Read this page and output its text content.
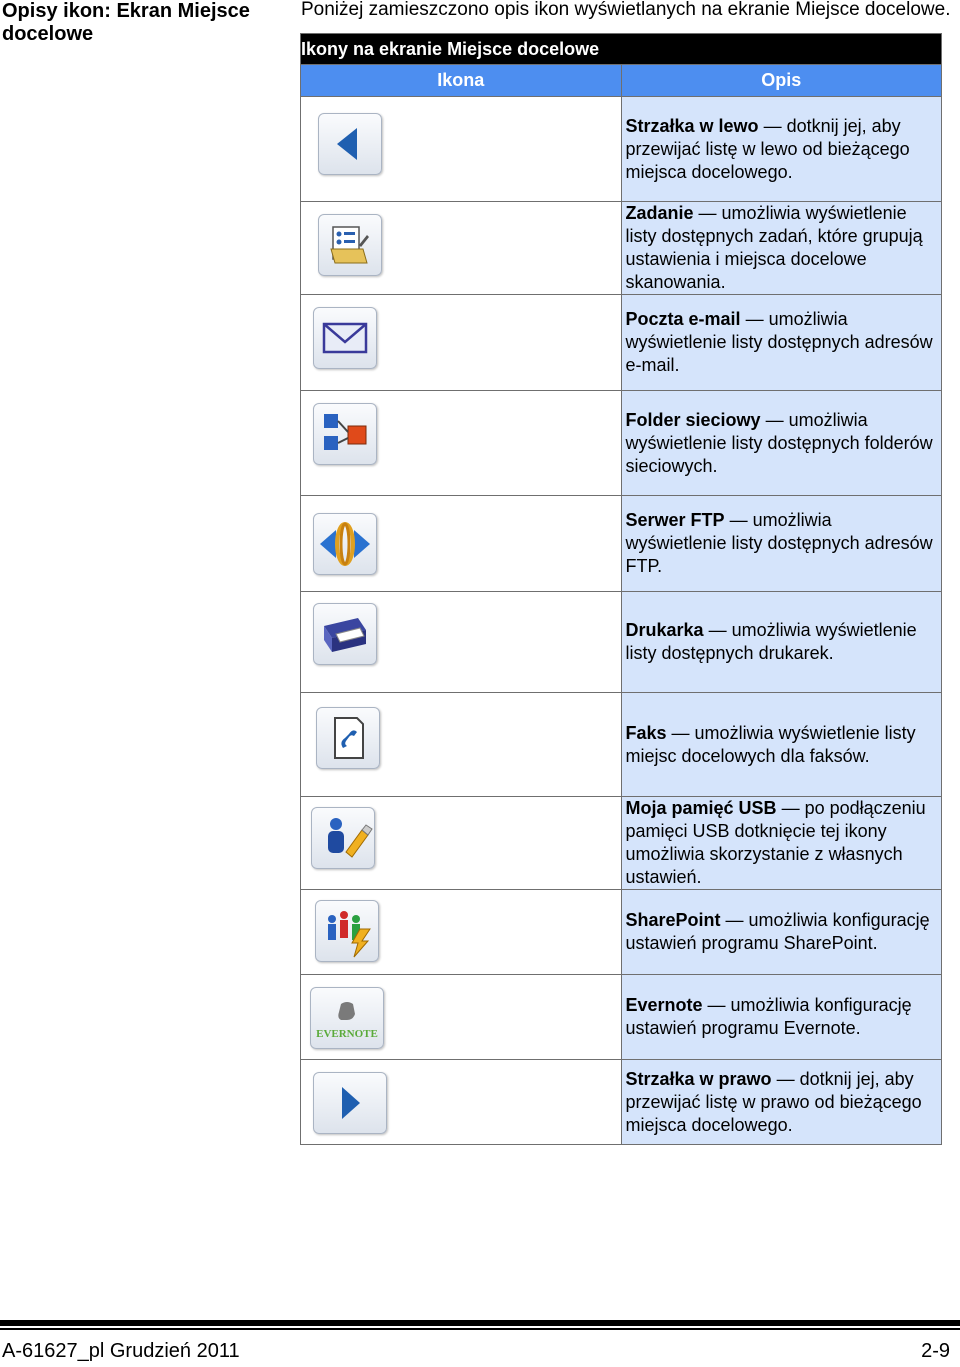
Opisy ikon: Ekran Miejsce docelowe
Poniżej zamieszczono opis ikon wyświetlanych na ekranie Miejsce docelowe.
Ikony na ekranie Miejsce docelowe	
Ikona	Opis

	Strzałka w lewo — dotknij jej, aby przewijać listę w lewo od bieżącego miejsca docelowego.

	Zadanie — umożliwia wyświetlenie listy dostępnych zadań, które grupują ustawienia i miejsca docelowe skanowania.

	Poczta e-mail — umożliwia wyświetlenie listy dostępnych adresów e-mail.

	Folder sieciowy — umożliwia wyświetlenie listy dostępnych folderów sieciowych.

	Serwer FTP — umożliwia wyświetlenie listy dostępnych adresów FTP.

	Drukarka — umożliwia wyświetlenie listy dostępnych drukarek.

	Faks — umożliwia wyświetlenie listy miejsc docelowych dla faksów.

	Moja pamięć USB — po podłączeniu pamięci USB dotknięcie tej ikony umożliwia skorzystanie z własnych ustawień.

	SharePoint — umożliwia konfigurację ustawień programu SharePoint.

EVERNOTE	Evernote — umożliwia konfigurację ustawień programu Evernote.

	Strzałka w prawo — dotknij jej, aby przewijać listę w prawo od bieżącego miejsca docelowego.
A-61627_pl Grudzień 2011	2-9
